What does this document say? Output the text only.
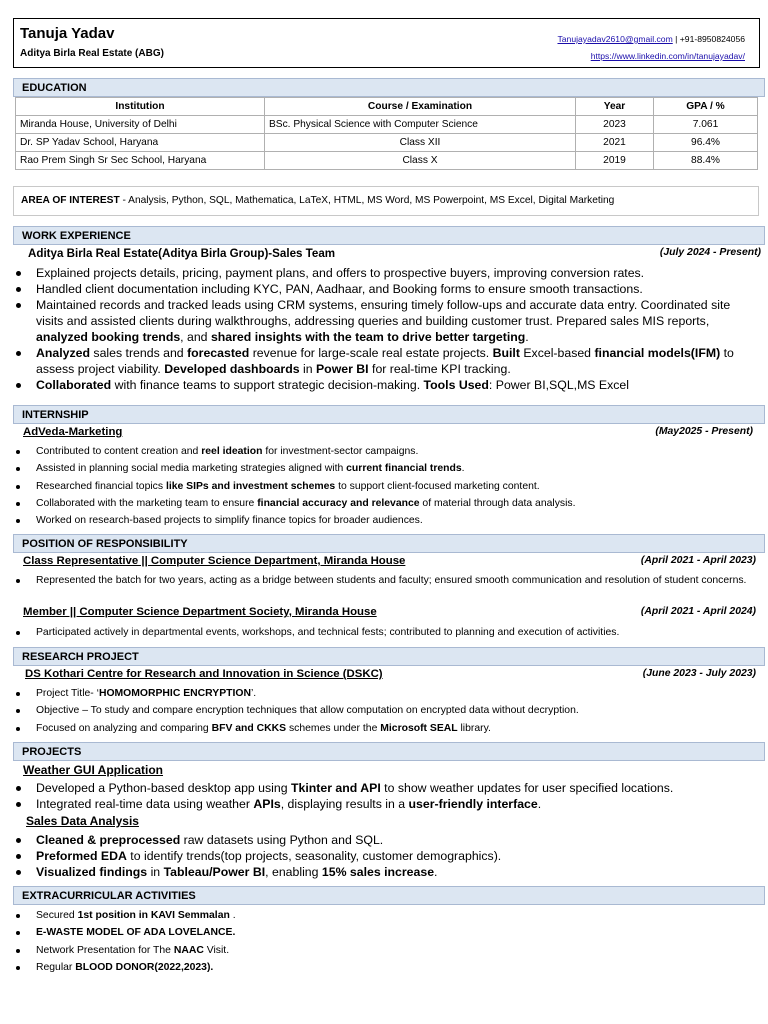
Tanuja Yadav
Aditya Birla Real Estate (ABG)
Tanujayadav2610@gmail.com | +91-8950824056
https://www.linkedin.com/in/tanujayadav/
EDUCATION
Institution	Course / Examination	Year	GPA / %
Miranda House, University of Delhi	BSc. Physical Science with Computer Science	2023	7.061
Dr. SP Yadav School, Haryana	Class XII	2021	96.4%
Rao Prem Singh Sr Sec School, Haryana	Class X	2019	88.4%
AREA OF INTEREST - Analysis, Python, SQL, Mathematica, LaTeX, HTML, MS Word, MS Powerpoint, MS Excel, Digital Marketing
WORK EXPERIENCE
Aditya Birla Real Estate(Aditya Birla Group)-Sales Team	(July 2024 - Present)
Explained projects details, pricing, payment plans, and offers to prospective buyers, improving conversion rates.
Handled client documentation including KYC, PAN, Aadhaar, and Booking forms to ensure smooth transactions.
Maintained records and tracked leads using CRM systems, ensuring timely follow-ups and accurate data entry. Coordinated site visits and assisted clients during walkthroughs, addressing queries and building customer trust. Prepared sales MIS reports, analyzed booking trends, and shared insights with the team to drive better targeting.
Analyzed sales trends and forecasted revenue for large-scale real estate projects. Built Excel-based financial models(IFM) to assess project viability. Developed dashboards in Power BI for real-time KPI tracking.
Collaborated with finance teams to support strategic decision-making. Tools Used: Power BI,SQL,MS Excel
INTERNSHIP
AdVeda-Marketing	(May2025 - Present)
Contributed to content creation and reel ideation for investment-sector campaigns.
Assisted in planning social media marketing strategies aligned with current financial trends.
Researched financial topics like SIPs and investment schemes to support client-focused marketing content.
Collaborated with the marketing team to ensure financial accuracy and relevance of material through data analysis.
Worked on research-based projects to simplify finance topics for broader audiences.
POSITION OF RESPONSIBILITY
Class Representative || Computer Science Department, Miranda House	(April 2021 - April 2023)
Represented the batch for two years, acting as a bridge between students and faculty; ensured smooth communication and resolution of student concerns.
Member || Computer Science Department Society, Miranda House	(April 2021 - April 2024)
Participated actively in departmental events, workshops, and technical fests; contributed to planning and execution of activities.
RESEARCH PROJECT
DS Kothari Centre for Research and Innovation in Science (DSKC)	(June 2023 - July 2023)
Project Title- ‘HOMOMORPHIC ENCRYPTION’.
Objective – To study and compare encryption techniques that allow computation on encrypted data without decryption.
Focused on analyzing and comparing BFV and CKKS schemes under the Microsoft SEAL library.
PROJECTS
Weather GUI Application
Developed a Python-based desktop app using Tkinter and API to show weather updates for user specified locations.
Integrated real-time data using weather APIs, displaying results in a user-friendly interface.
Sales Data Analysis
Cleaned & preprocessed raw datasets using Python and SQL.
Preformed EDA to identify trends(top projects, seasonality, customer demographics).
Visualized findings in Tableau/Power BI, enabling 15% sales increase.
EXTRACURRICULAR ACTIVITIES
Secured 1st position in KAVI Semmalan .
E-WASTE MODEL OF ADA LOVELANCE.
Network Presentation for The NAAC Visit.
Regular BLOOD DONOR(2022,2023).
